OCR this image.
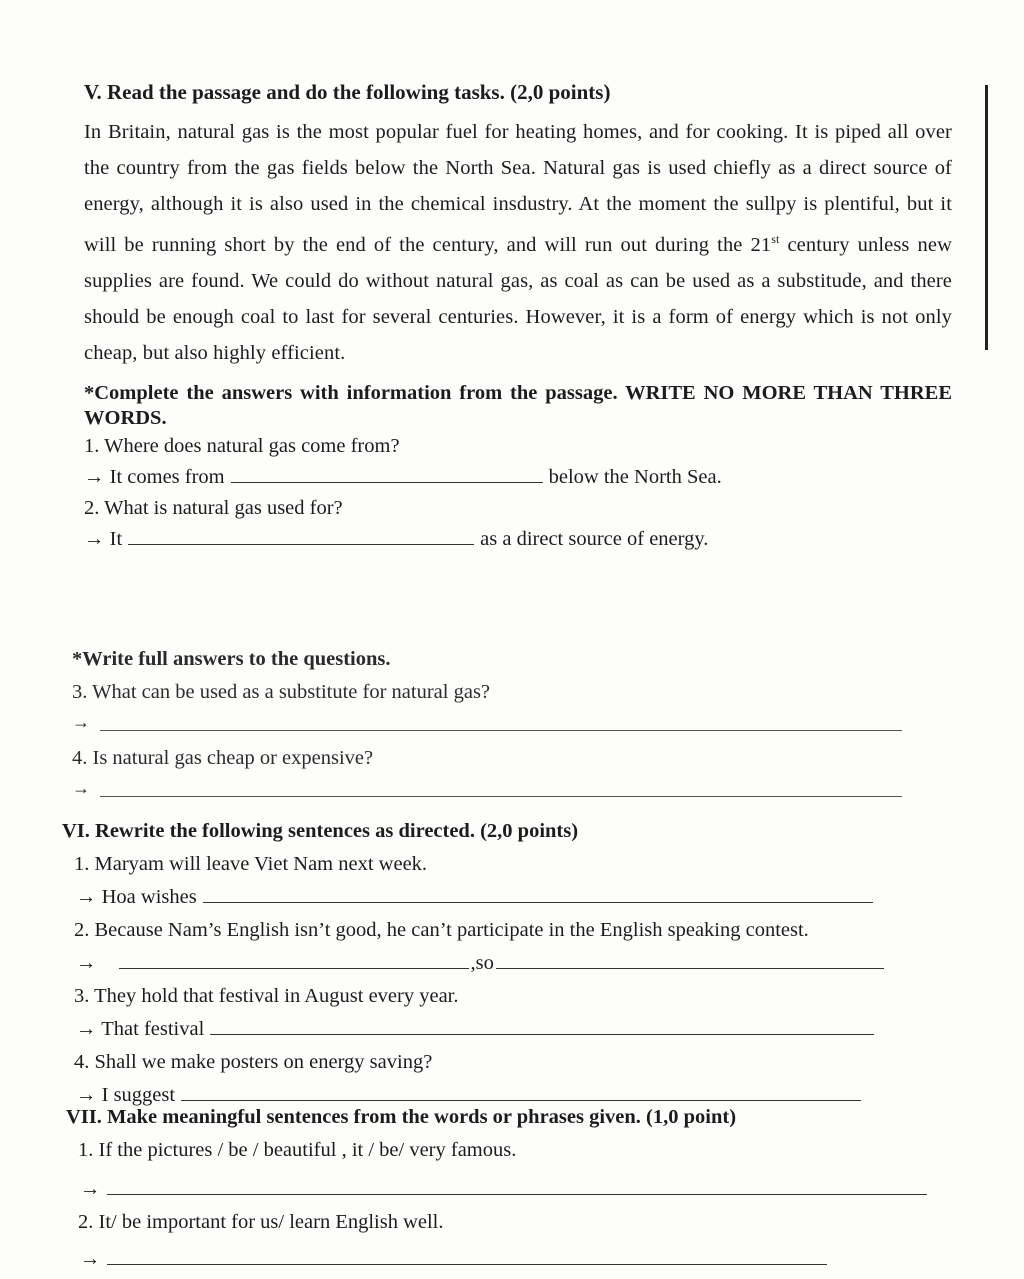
V. Read the passage and do the following tasks. (2,0 points)

In Britain, natural gas is the most popular fuel for heating homes, and for cooking. It is piped all over the country from the gas fields below the North Sea. Natural gas is used chiefly as a direct source of energy, although it is also used in the chemical insdustry. At the moment the sullpy is plentiful, but it will be running short by the end of the century, and will run out during the 21st century unless new supplies are found. We could do without natural gas, as coal as can be used as a substitude, and there should be enough coal to last for several centuries. However, it is a form of energy which is not only cheap, but also highly efficient.

*Complete the answers with information from the passage. WRITE NO MORE THAN THREE WORDS.

1. Where does natural gas come from?
→ It comes from	below the North Sea.
2. What is natural gas used for?
→ It	as a direct source of energy.
*Write full answers to the questions.
3. What can be used as a substitute for natural gas?
→
4. Is natural gas cheap or expensive?
→
VI. Rewrite the following sentences as directed. (2,0 points)
1. Maryam will leave Viet Nam next week.
→ Hoa wishes
2. Because Nam’s English isn’t good, he can’t participate in the English speaking contest.
→	,so
3. They hold that festival in August every year.
→ That festival
4. Shall we make posters on energy saving?
→ I suggest
VII. Make meaningful sentences from the words or phrases given. (1,0 point)
1. If the pictures / be / beautiful , it / be/ very famous.
→
2. It/ be important for us/ learn English well.
→
